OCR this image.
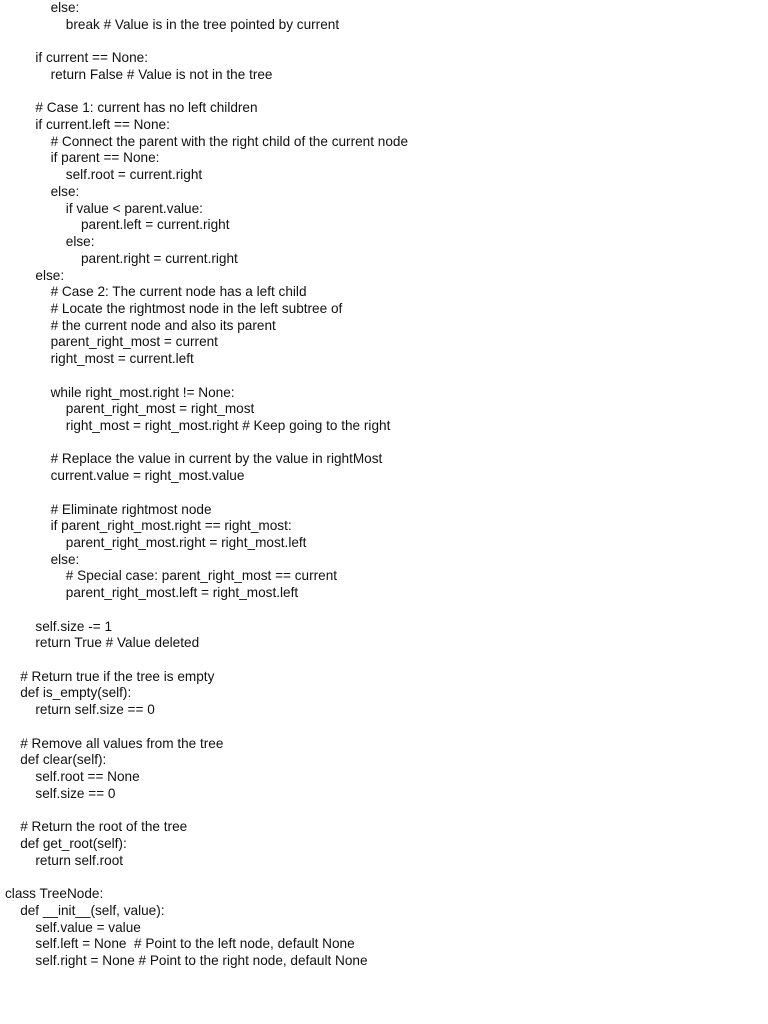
else:
break # Value is in the tree pointed by current
if current == None:
return False # Value is not in the tree
# Case 1: current has no left children
if current.left == None:
# Connect the parent with the right child of the current node
if parent == None:
self.root = current.right
else:
if value < parent.value:
parent.left = current.right
else:
parent.right = current.right
else:
# Case 2: The current node has a left child
# Locate the rightmost node in the left subtree of
# the current node and also its parent
parent_right_most = current
right_most = current.left
while right_most.right != None:
parent_right_most = right_most
right_most = right_most.right # Keep going to the right
# Replace the value in current by the value in rightMost
current.value = right_most.value
# Eliminate rightmost node
if parent_right_most.right == right_most:
parent_right_most.right = right_most.left
else:
# Special case: parent_right_most == current
parent_right_most.left = right_most.left
self.size -= 1
return True # Value deleted
# Return true if the tree is empty
def is_empty(self):
return self.size == 0
# Remove all values from the tree
def clear(self):
self.root == None
self.size == 0
# Return the root of the tree
def get_root(self):
return self.root
class TreeNode:
def __init__(self, value):
self.value = value
self.left = None  # Point to the left node, default None
self.right = None # Point to the right node, default None
